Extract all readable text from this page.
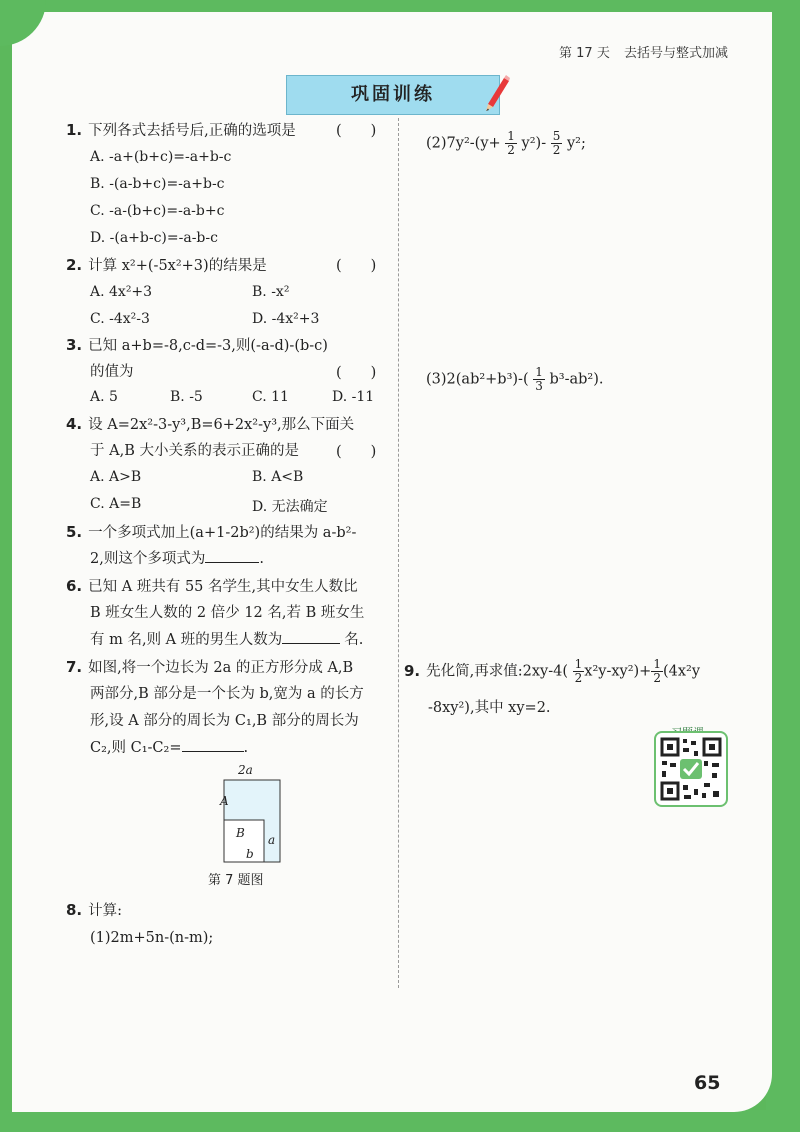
第 17 天 去括号与整式加减
巩固训练
1. 下列各式去括号后,正确的选项是	(　　)
A. -a+(b+c)=-a+b-c
B. -(a-b+c)=-a+b-c
C. -a-(b+c)=-a-b+c
D. -(a+b-c)=-a-b-c
2. 计算 x²+(-5x²+3)的结果是	(　　)
A. 4x²+3	B. -x²
C. -4x²-3	D. -4x²+3
3. 已知 a+b=-8,c-d=-3,则(-a-d)-(b-c)
的值为	(　　)
A. 5	B. -5	C. 11	D. -11
4. 设 A=2x²-3-y³,B=6+2x²-y³,那么下面关
于 A,B 大小关系的表示正确的是	(　　)
A. A>B	B. A<B
C. A=B	D. 无法确定
5. 一个多项式加上(a+1-2b²)的结果为 a-b²-
2,则这个多项式为	.
6. 已知 A 班共有 55 名学生,其中女生人数比
B 班女生人数的 2 倍少 12 名,若 B 班女生
有 m 名,则 A 班的男生人数为	名.
7. 如图,将一个边长为 2a 的正方形分成 A,B
两部分,B 部分是一个长为 b,宽为 a 的长方
形,设 A 部分的周长为 C₁,B 部分的周长为
C₂,则 C₁-C₂=	.
2a
A
B a
b
第 7 题图
8. 计算:
(1)2m+5n-(n-m);
$(2)7y^2-(y+ \frac{1}{2} y^2)- \frac{5}{2} y^2$;
$(3)2(ab^2+b^3)-( \frac{1}{3} b^3-ab^2)$.
9. 先化简,再求值:2xy-4( $\frac{1}{2} x^2y-xy^2)+ \frac{1}{2} (4x^2y$
-8xy²),其中 xy=2.
65
